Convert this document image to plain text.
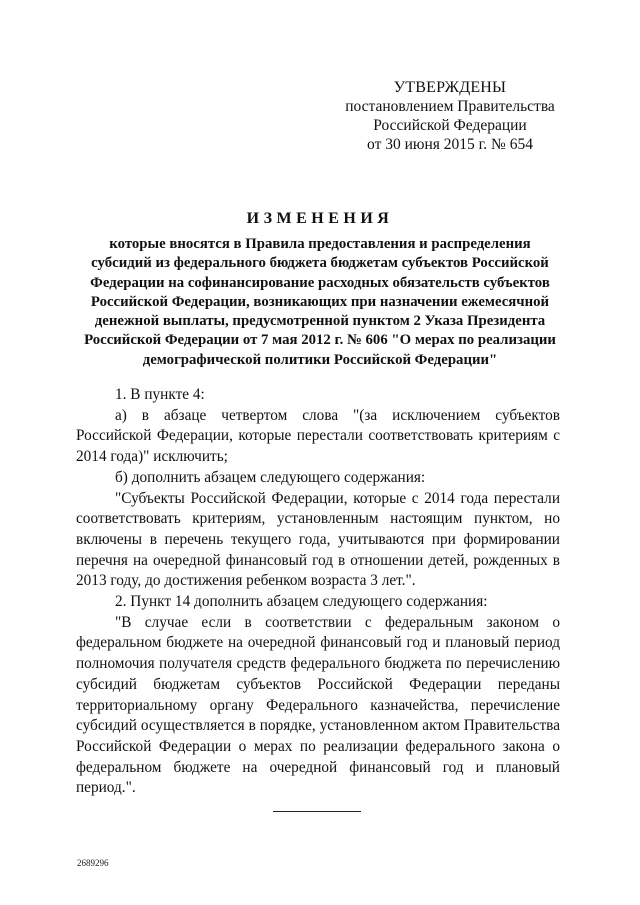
УТВЕРЖДЕНЫ
постановлением Правительства
Российской Федерации
от 30 июня 2015 г. № 654
ИЗМЕНЕНИЯ
которые вносятся в Правила предоставления и распределения
субсидий из федерального бюджета бюджетам субъектов Российской
Федерации на софинансирование расходных обязательств субъектов
Российской Федерации, возникающих при назначении ежемесячной
денежной выплаты, предусмотренной пунктом 2 Указа Президента
Российской Федерации от 7 мая 2012 г. № 606 "О мерах по реализации
демографической политики Российской Федерации"

1. В пункте 4:

а) в абзаце четвертом слова "(за исключением субъектов Российской Федерации, которые перестали соответствовать критериям с 2014 года)" исключить;

б) дополнить абзацем следующего содержания:

"Субъекты Российской Федерации, которые с 2014 года перестали соответствовать критериям, установленным настоящим пунктом, но включены в перечень текущего года, учитываются при формировании перечня на очередной финансовый год в отношении детей, рожденных в 2013 году, до достижения ребенком возраста 3 лет.".

2. Пункт 14 дополнить абзацем следующего содержания:

"В случае если в соответствии с федеральным законом о федеральном бюджете на очередной финансовый год и плановый период полномочия получателя средств федерального бюджета по перечислению субсидий бюджетам субъектов Российской Федерации переданы территориальному органу Федерального казначейства, перечисление субсидий осуществляется в порядке, установленном актом Правительства Российской Федерации о мерах по реализации федерального закона о федеральном бюджете на очередной финансовый год и плановый период.".

2689296
